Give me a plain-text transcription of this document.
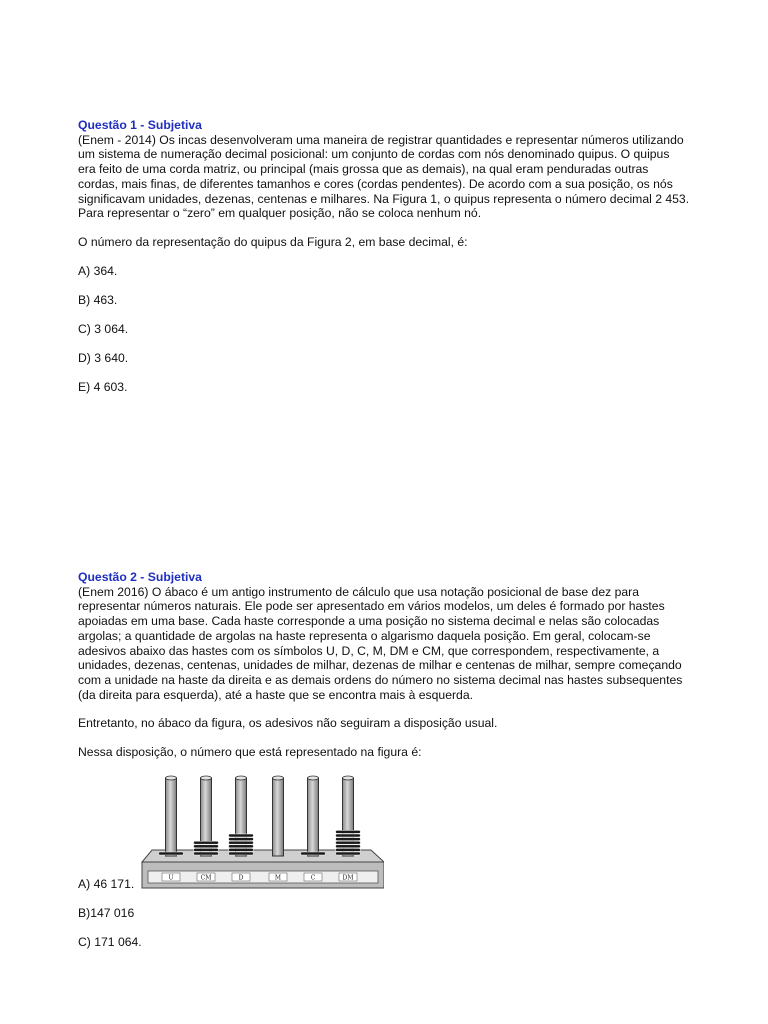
Questão 1 - Subjetiva

(Enem - 2014) Os incas desenvolveram uma maneira de registrar quantidades e representar números utilizando um sistema de numeração decimal posicional: um conjunto de cordas com nós denominado quipus. O quipus era feito de uma corda matriz, ou principal (mais grossa que as demais), na qual eram penduradas outras cordas, mais finas, de diferentes tamanhos e cores (cordas pendentes). De acordo com a sua posição, os nós significavam unidades, dezenas, centenas e milhares. Na Figura 1, o quipus representa o número decimal 2 453. Para representar o “zero” em qualquer posição, não se coloca nenhum nó.

O número da representação do quipus da Figura 2, em base decimal, é:

A) 364.

B) 463.

C) 3 064.

D) 3 640.

E) 4 603.

Questão 2 - Subjetiva

(Enem 2016) O ábaco é um antigo instrumento de cálculo que usa notação posicional de base dez para representar números naturais. Ele pode ser apresentado em vários modelos, um deles é formado por hastes apoiadas em uma base. Cada haste corresponde a uma posição no sistema decimal e nelas são colocadas argolas; a quantidade de argolas na haste representa o algarismo daquela posição. Em geral, colocam-se adesivos abaixo das hastes com os símbolos U, D, C, M, DM e CM, que correspondem, respectivamente, a unidades, dezenas, centenas, unidades de milhar, dezenas de milhar e centenas de milhar, sempre começando com a unidade na haste da direita e as demais ordens do número no sistema decimal nas hastes subsequentes (da direita para esquerda), até a haste que se encontra mais à esquerda.

Entretanto, no ábaco da figura, os adesivos não seguiram a disposição usual.

Nessa disposição, o número que está representado na figura é:

U	CM	D	M	C	DM

A) 46 171.

B)147 016

C) 171 064.
